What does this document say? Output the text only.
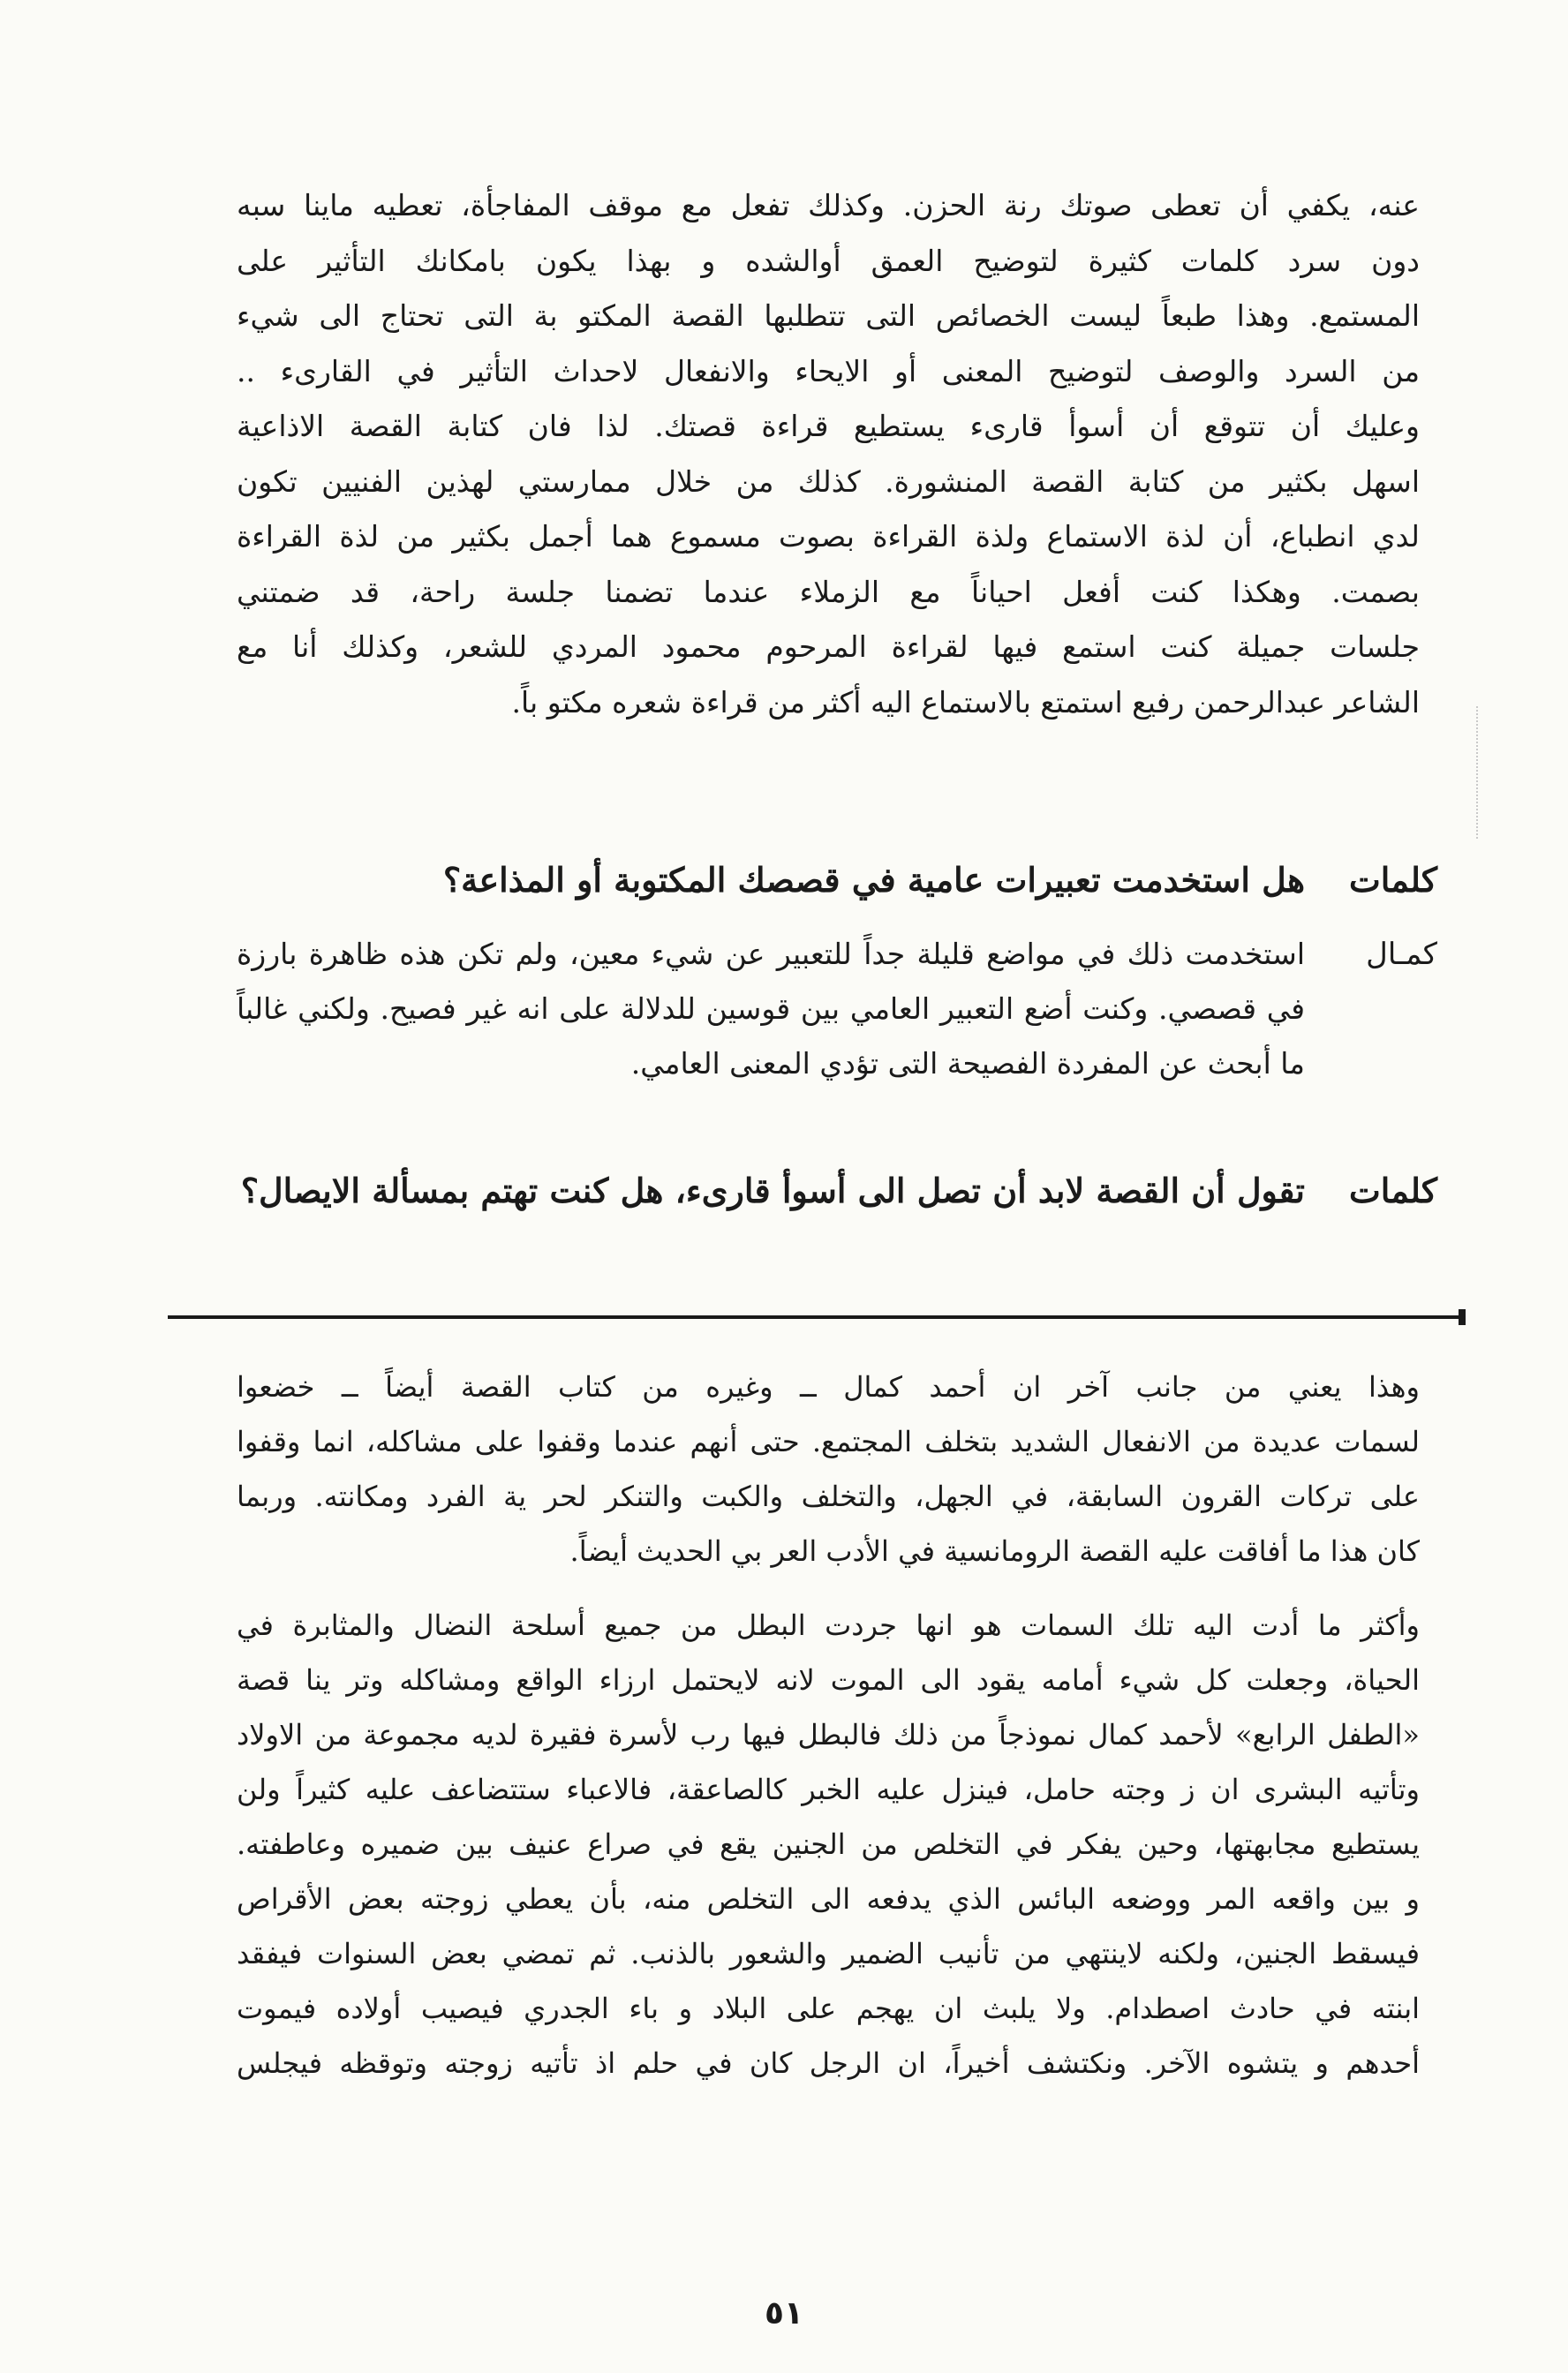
عنه، يكفي أن تعطى صوتك رنة الحزن. وكذلك تفعل مع موقف المفاجأة، تعطيه ماينا سبه
دون سرد كلمات كثيرة لتوضيح العمق أوالشده و بهذا يكون بامكانك التأثير على
المستمع. وهذا طبعاً ليست الخصائص التى تتطلبها القصة المكتو بة التى تحتاج الى شيء
من السرد والوصف لتوضيح المعنى أو الايحاء والانفعال لاحداث التأثير في القارىء ..
وعليك أن تتوقع أن أسوأ قارىء يستطيع قراءة قصتك. لذا فان كتابة القصة الاذاعية
اسهل بكثير من كتابة القصة المنشورة. كذلك من خلال ممارستي لهذين الفنيين تكون
لدي انطباع، أن لذة الاستماع ولذة القراءة بصوت مسموع هما أجمل بكثير من لذة القراءة
بصمت. وهكذا كنت أفعل احياناً مع الزملاء عندما تضمنا جلسة راحة، قد ضمتني
جلسات جميلة كنت استمع فيها لقراءة المرحوم محمود المردي للشعر، وكذلك أنا مع
الشاعر عبدالرحمن رفيع استمتع بالاستماع اليه أكثر من قراءة شعره مكتو باً.
كلمات
هل استخدمت تعبيرات عامية في قصصك المكتوبة أو المذاعة؟
كمـال
استخدمت ذلك في مواضع قليلة جداً للتعبير عن شيء معين، ولم تكن هذه ظاهرة بارزة
في قصصي. وكنت أضع التعبير العامي بين قوسين للدلالة على انه غير فصيح. ولكني غالباً
ما أبحث عن المفردة الفصيحة التى تؤدي المعنى العامي.
كلمات
تقول أن القصة لابد أن تصل الى أسوأ قارىء، هل كنت تهتم بمسألة الايصال؟
وهذا يعني من جانب آخر ان أحمد كمال ــ وغيره من كتاب القصة أيضاً ــ خضعوا
لسمات عديدة من الانفعال الشديد بتخلف المجتمع. حتى أنهم عندما وقفوا على مشاكله، انما وقفوا
على تركات القرون السابقة، في الجهل، والتخلف والكبت والتنكر لحر ية الفرد ومكانته. وربما
كان هذا ما أفاقت عليه القصة الرومانسية في الأدب العر بي الحديث أيضاً.
وأكثر ما أدت اليه تلك السمات هو انها جردت البطل من جميع أسلحة النضال والمثابرة في
الحياة، وجعلت كل شيء أمامه يقود الى الموت لانه لايحتمل ارزاء الواقع ومشاكله وتر ينا قصة
«الطفل الرابع» لأحمد كمال نموذجاً من ذلك فالبطل فيها رب لأسرة فقيرة لديه مجموعة من الاولاد
وتأتيه البشرى ان ز وجته حامل، فينزل عليه الخبر كالصاعقة، فالاعباء ستتضاعف عليه كثيراً ولن
يستطيع مجابهتها، وحين يفكر في التخلص من الجنين يقع في صراع عنيف بين ضميره وعاطفته.
و بين واقعه المر ووضعه البائس الذي يدفعه الى التخلص منه، بأن يعطي زوجته بعض الأقراص
فيسقط الجنين، ولكنه لاينتهي من تأنيب الضمير والشعور بالذنب. ثم تمضي بعض السنوات فيفقد
ابنته في حادث اصطدام. ولا يلبث ان يهجم على البلاد و باء الجدري فيصيب أولاده فيموت
أحدهم و يتشوه الآخر. ونكتشف أخيراً، ان الرجل كان في حلم اذ تأتيه زوجته وتوقظه فيجلس
٥١
